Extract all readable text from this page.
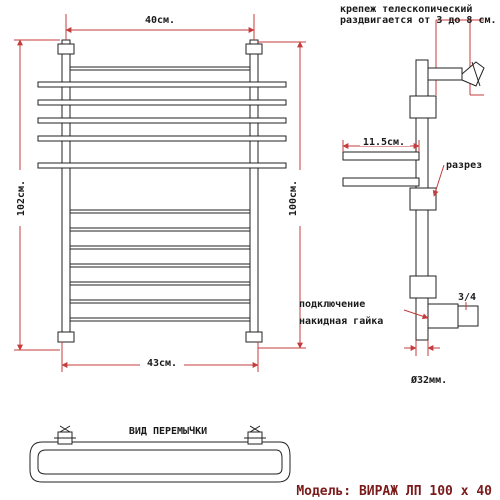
40см.
43см.
102см.	100см.
11.5см.
разрез
крепеж телескопический
раздвигается от 3 до 8 см.
3/4
подключение
накидная гайка
Ø32мм.
ВИД ПЕРЕМЫЧКИ
Модель: ВИРАЖ ЛП 100 х 40
